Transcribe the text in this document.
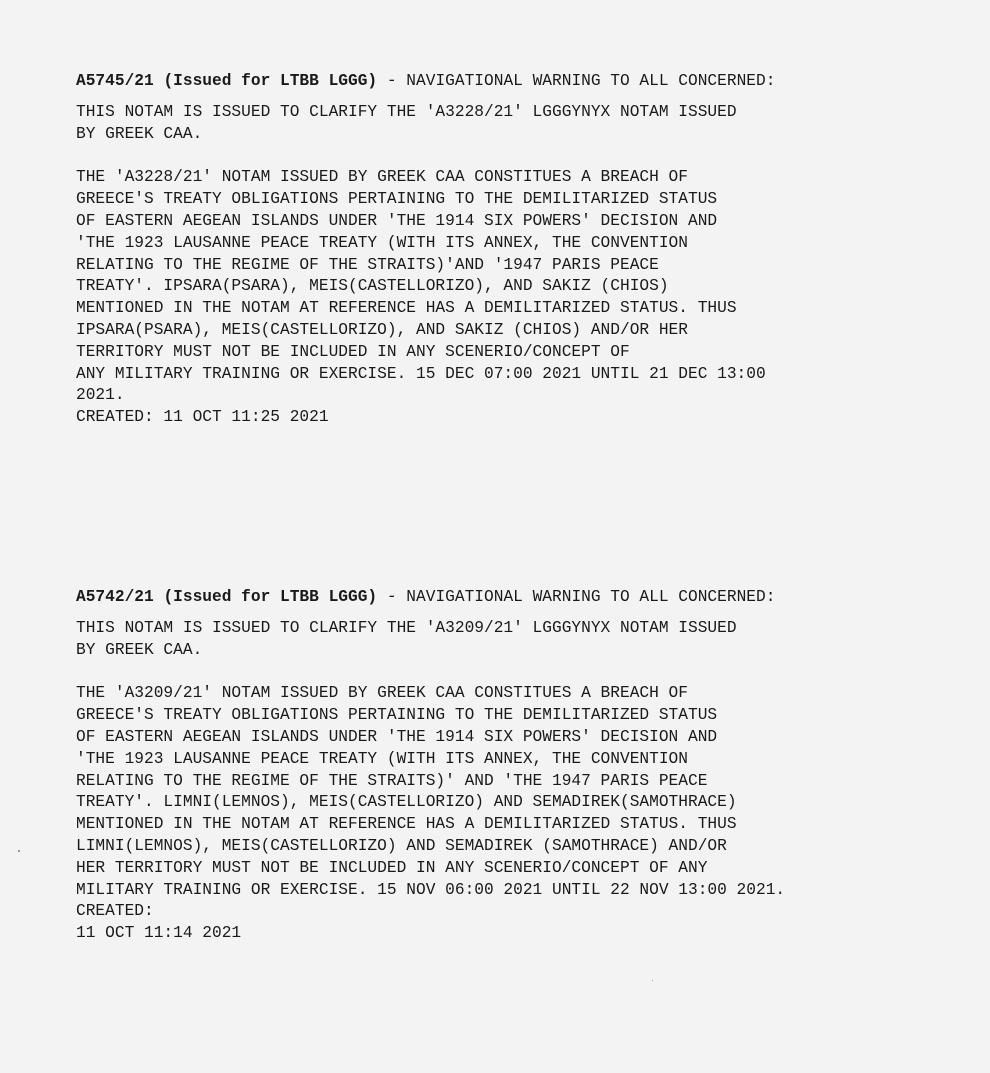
A5745/21 (Issued for LTBB LGGG) - NAVIGATIONAL WARNING TO ALL CONCERNED:
THIS NOTAM IS ISSUED TO CLARIFY THE 'A3228/21' LGGGYNYX NOTAM ISSUED
BY GREEK CAA.
THE 'A3228/21' NOTAM ISSUED BY GREEK CAA CONSTITUES A BREACH OF
GREECE'S TREATY OBLIGATIONS PERTAINING TO THE DEMILITARIZED STATUS
OF EASTERN AEGEAN ISLANDS UNDER 'THE 1914 SIX POWERS' DECISION AND
'THE 1923 LAUSANNE PEACE TREATY (WITH ITS ANNEX, THE CONVENTION
RELATING TO THE REGIME OF THE STRAITS)'AND '1947 PARIS PEACE
TREATY'. IPSARA(PSARA), MEIS(CASTELLORIZO), AND SAKIZ (CHIOS)
MENTIONED IN THE NOTAM AT REFERENCE HAS A DEMILITARIZED STATUS. THUS
IPSARA(PSARA), MEIS(CASTELLORIZO), AND SAKIZ (CHIOS) AND/OR HER
TERRITORY MUST NOT BE INCLUDED IN ANY SCENERIO/CONCEPT OF
ANY MILITARY TRAINING OR EXERCISE. 15 DEC 07:00 2021 UNTIL 21 DEC 13:00
2021.
CREATED: 11 OCT 11:25 2021
A5742/21 (Issued for LTBB LGGG) - NAVIGATIONAL WARNING TO ALL CONCERNED:
THIS NOTAM IS ISSUED TO CLARIFY THE 'A3209/21' LGGGYNYX NOTAM ISSUED
BY GREEK CAA.
THE 'A3209/21' NOTAM ISSUED BY GREEK CAA CONSTITUES A BREACH OF
GREECE'S TREATY OBLIGATIONS PERTAINING TO THE DEMILITARIZED STATUS
OF EASTERN AEGEAN ISLANDS UNDER 'THE 1914 SIX POWERS' DECISION AND
'THE 1923 LAUSANNE PEACE TREATY (WITH ITS ANNEX, THE CONVENTION
RELATING TO THE REGIME OF THE STRAITS)' AND 'THE 1947 PARIS PEACE
TREATY'. LIMNI(LEMNOS), MEIS(CASTELLORIZO) AND SEMADIREK(SAMOTHRACE)
MENTIONED IN THE NOTAM AT REFERENCE HAS A DEMILITARIZED STATUS. THUS
LIMNI(LEMNOS), MEIS(CASTELLORIZO) AND SEMADIREK (SAMOTHRACE) AND/OR
HER TERRITORY MUST NOT BE INCLUDED IN ANY SCENERIO/CONCEPT OF ANY
MILITARY TRAINING OR EXERCISE. 15 NOV 06:00 2021 UNTIL 22 NOV 13:00 2021.
CREATED:
11 OCT 11:14 2021
